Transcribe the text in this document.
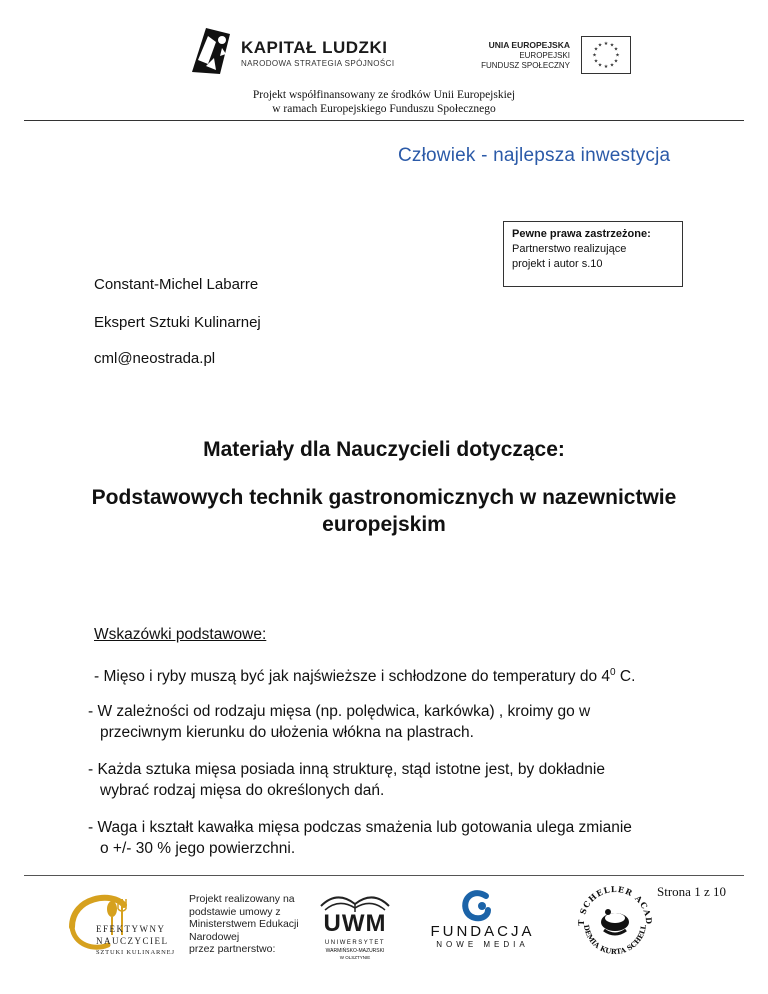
KAPITAŁ LUDZKI
NARODOWA STRATEGIA SPÓJNOŚCI
UNIA EUROPEJSKA
EUROPEJSKI
FUNDUSZ SPOŁECZNY
★ ★
★
★
★
★
★
★
★
★
★
★
Projekt współfinansowany ze środków Unii Europejskiej
w ramach Europejskiego Funduszu Społecznego
Człowiek - najlepsza inwestycja
Pewne prawa zastrzeżone:
Partnerstwo realizujące
projekt i autor s.10
Constant-Michel Labarre
Ekspert Sztuki Kulinarnej
cml@neostrada.pl
Materiały dla Nauczycieli dotyczące:
Podstawowych technik gastronomicznych w nazewnictwie
europejskim
Wskazówki podstawowe:
- Mięso i ryby muszą być jak najświeższe i schłodzone do temperatury do $4^0$ C.
- W zależności od rodzaju mięsa (np. polędwica, karkówka) , kroimy go w
przeciwnym kierunku do ułożenia włókna na plastrach.
- Każda sztuka mięsa posiada inną strukturę, stąd istotne jest, by dokładnie
wybrać rodzaj mięsa do określonych dań.
- Waga i kształt kawałka mięsa podczas smażenia lub gotowania ulega zmianie
o +/- 30 % jego powierzchni.
Strona 1 z 10
EFEKTYWNY
NAUCZYCIEL
SZTUKI KULINARNEJ
Projekt realizowany na
podstawie umowy z
Ministerstwem Edukacji
Narodowej
przez partnerstwo:
UWM
UNIWERSYTET
WARMIŃSKO-MAZURSKI
W OLSZTYNIE
FUNDACJA
NOWE MEDIA
T SCHELLER ACAD
DEMIA KURTA SCHELL
